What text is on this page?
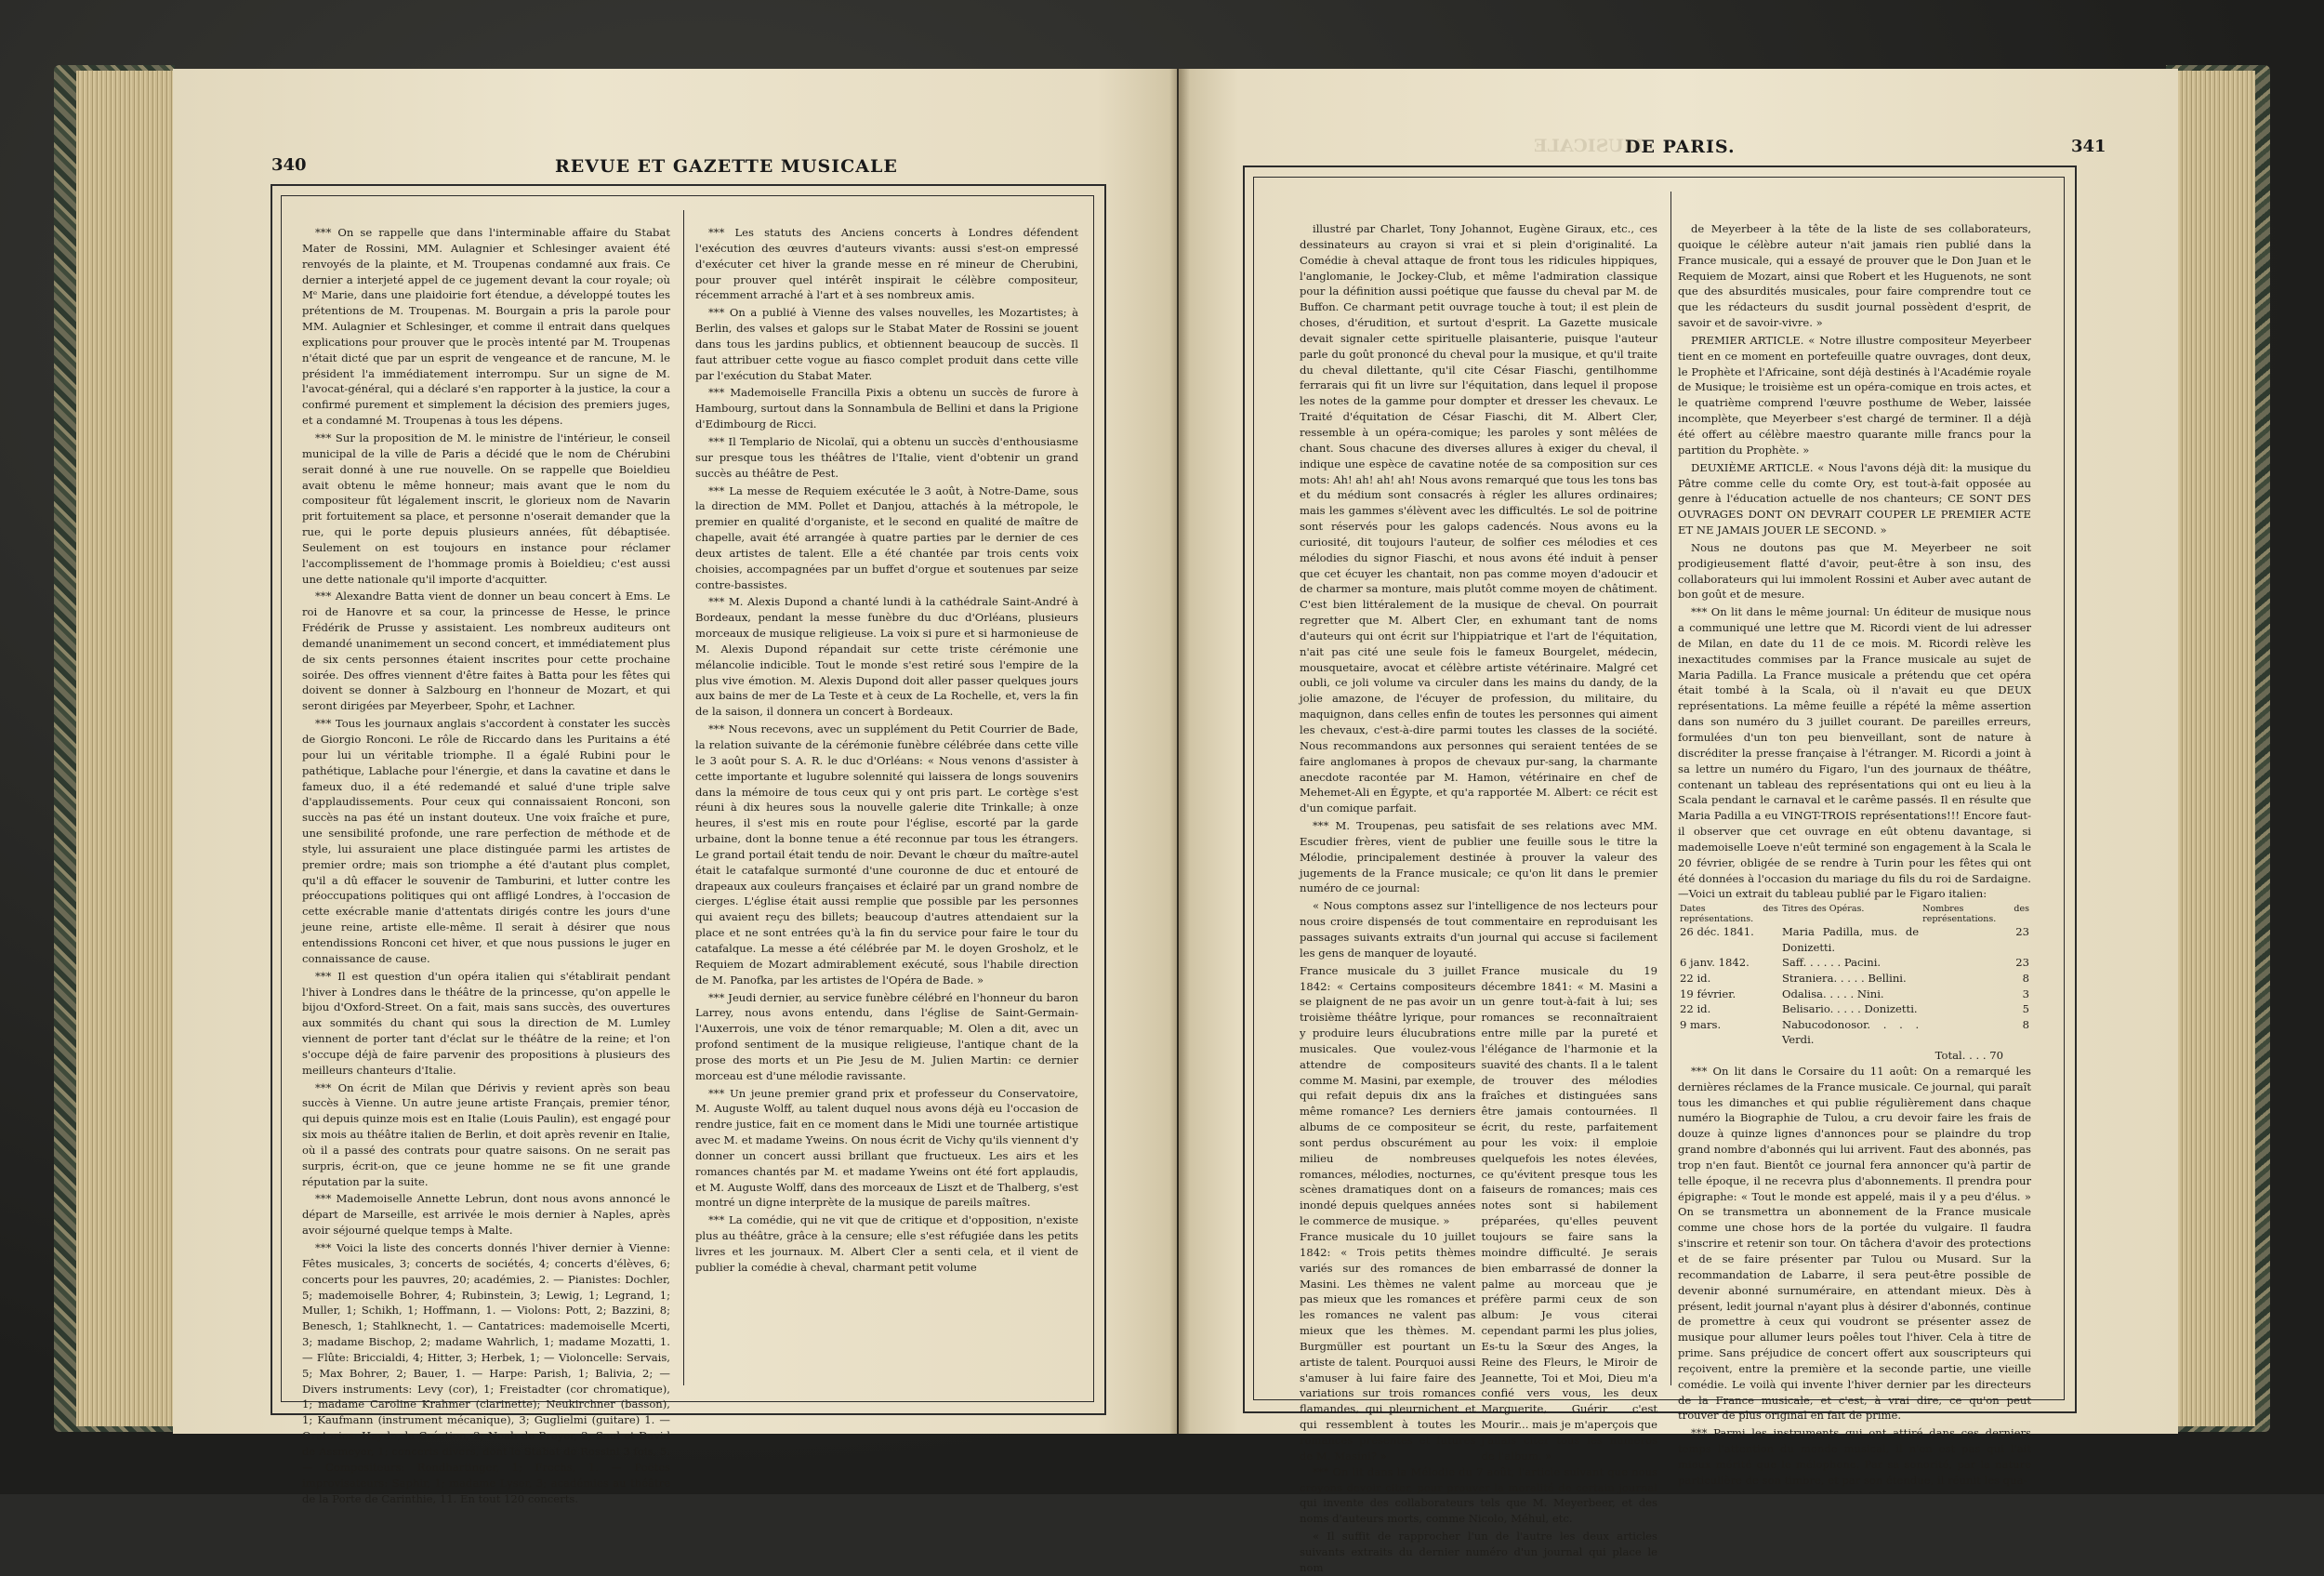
340	REVUE ET GAZETTE MUSICALE

*** On se rappelle que dans l'interminable affaire du Stabat Mater de Rossini, MM. Aulagnier et Schlesinger avaient été renvoyés de la plainte, et M. Troupenas condamné aux frais. Ce dernier a interjeté appel de ce jugement devant la cour royale; où Mᵉ Marie, dans une plaidoirie fort étendue, a développé toutes les prétentions de M. Troupenas. M. Bourgain a pris la parole pour MM. Aulagnier et Schlesinger, et comme il entrait dans quelques explications pour prouver que le procès intenté par M. Troupenas n'était dicté que par un esprit de vengeance et de rancune, M. le président l'a immédiatement interrompu. Sur un signe de M. l'avocat-général, qui a déclaré s'en rapporter à la justice, la cour a confirmé purement et simplement la décision des premiers juges, et a condamné M. Troupenas à tous les dépens.

*** Sur la proposition de M. le ministre de l'intérieur, le conseil municipal de la ville de Paris a décidé que le nom de Chérubini serait donné à une rue nouvelle. On se rappelle que Boieldieu avait obtenu le même honneur; mais avant que le nom du compositeur fût légalement inscrit, le glorieux nom de Navarin prit fortuitement sa place, et personne n'oserait demander que la rue, qui le porte depuis plusieurs années, fût débaptisée. Seulement on est toujours en instance pour réclamer l'accomplissement de l'hommage promis à Boieldieu; c'est aussi une dette nationale qu'il importe d'acquitter.

*** Alexandre Batta vient de donner un beau concert à Ems. Le roi de Hanovre et sa cour, la princesse de Hesse, le prince Frédérik de Prusse y assistaient. Les nombreux auditeurs ont demandé unanimement un second concert, et immédiatement plus de six cents personnes étaient inscrites pour cette prochaine soirée. Des offres viennent d'être faites à Batta pour les fêtes qui doivent se donner à Salzbourg en l'honneur de Mozart, et qui seront dirigées par Meyerbeer, Spohr, et Lachner.

*** Tous les journaux anglais s'accordent à constater les succès de Giorgio Ronconi. Le rôle de Riccardo dans les Puritains a été pour lui un véritable triomphe. Il a égalé Rubini pour le pathétique, Lablache pour l'énergie, et dans la cavatine et dans le fameux duo, il a été redemandé et salué d'une triple salve d'applaudissements. Pour ceux qui connaissaient Ronconi, son succès na pas été un instant douteux. Une voix fraîche et pure, une sensibilité profonde, une rare perfection de méthode et de style, lui assuraient une place distinguée parmi les artistes de premier ordre; mais son triomphe a été d'autant plus complet, qu'il a dû effacer le souvenir de Tamburini, et lutter contre les préoccupations politiques qui ont affligé Londres, à l'occasion de cette exécrable manie d'attentats dirigés contre les jours d'une jeune reine, artiste elle-même. Il serait à désirer que nous entendissions Ronconi cet hiver, et que nous pussions le juger en connaissance de cause.

*** Il est question d'un opéra italien qui s'établirait pendant l'hiver à Londres dans le théâtre de la princesse, qu'on appelle le bijou d'Oxford-Street. On a fait, mais sans succès, des ouvertures aux sommités du chant qui sous la direction de M. Lumley viennent de porter tant d'éclat sur le théâtre de la reine; et l'on s'occupe déjà de faire parvenir des propositions à plusieurs des meilleurs chanteurs d'Italie.

*** On écrit de Milan que Dérivis y revient après son beau succès à Vienne. Un autre jeune artiste Français, premier ténor, qui depuis quinze mois est en Italie (Louis Paulin), est engagé pour six mois au théâtre italien de Berlin, et doit après revenir en Italie, où il a passé des contrats pour quatre saisons. On ne serait pas surpris, écrit-on, que ce jeune homme ne se fit une grande réputation par la suite.

*** Mademoiselle Annette Lebrun, dont nous avons annoncé le départ de Marseille, est arrivée le mois dernier à Naples, après avoir séjourné quelque temps à Malte.

*** Voici la liste des concerts donnés l'hiver dernier à Vienne: Fêtes musicales, 3; concerts de sociétés, 4; concerts d'élèves, 6; concerts pour les pauvres, 20; académies, 2. — Pianistes: Dochler, 5; mademoiselle Bohrer, 4; Rubinstein, 3; Lewig, 1; Legrand, 1; Muller, 1; Schikh, 1; Hoffmann, 1. — Violons: Pott, 2; Bazzini, 8; Benesch, 1; Stahlknecht, 1. — Cantatrices: mademoiselle Mcerti, 3; madame Bischop, 2; madame Wahrlich, 1; madame Mozatti, 1. — Flûte: Briccialdi, 4; Hitter, 3; Herbek, 1; — Violoncelle: Servais, 5; Max Bohrer, 2; Bauer, 1. — Harpe: Parish, 1; Balivia, 2; — Divers instruments: Levy (cor), 1; Freistadter (cor chromatique), 1; madame Caroline Krahmer (clarinette); Neukirchner (basson), 1; Kaufmann (instrument mécanique), 3; Guglielmi (guitare) 1. — Oratorios: Haydn, la Création, 2; Noah de Preyer, 2; Saul et David de Assmeyer, 1; concerts divers, dont le Stabat de Rossini 3 fois, 5. — Compositeurs: Rondhartinger, 1; Frechs, 1. — Poëtes improvisateurs: Saphir, 1; madame Lyser, 3; académies au théâtre de la Porte de Carinthie, 11. En tout 120 concerts.

*** Les statuts des Anciens concerts à Londres défendent l'exécution des œuvres d'auteurs vivants: aussi s'est-on empressé d'exécuter cet hiver la grande messe en ré mineur de Cherubini, pour prouver quel intérêt inspirait le célèbre compositeur, récemment arraché à l'art et à ses nombreux amis.

*** On a publié à Vienne des valses nouvelles, les Mozartistes; à Berlin, des valses et galops sur le Stabat Mater de Rossini se jouent dans tous les jardins publics, et obtiennent beaucoup de succès. Il faut attribuer cette vogue au fiasco complet produit dans cette ville par l'exécution du Stabat Mater.

*** Mademoiselle Francilla Pixis a obtenu un succès de furore à Hambourg, surtout dans la Sonnambula de Bellini et dans la Prigione d'Edimbourg de Ricci.

*** Il Templario de Nicolaï, qui a obtenu un succès d'enthousiasme sur presque tous les théâtres de l'Italie, vient d'obtenir un grand succès au théâtre de Pest.

*** La messe de Requiem exécutée le 3 août, à Notre-Dame, sous la direction de MM. Pollet et Danjou, attachés à la métropole, le premier en qualité d'organiste, et le second en qualité de maître de chapelle, avait été arrangée à quatre parties par le dernier de ces deux artistes de talent. Elle a été chantée par trois cents voix choisies, accompagnées par un buffet d'orgue et soutenues par seize contre-bassistes.

*** M. Alexis Dupond a chanté lundi à la cathédrale Saint-André à Bordeaux, pendant la messe funèbre du duc d'Orléans, plusieurs morceaux de musique religieuse. La voix si pure et si harmonieuse de M. Alexis Dupond répandait sur cette triste cérémonie une mélancolie indicible. Tout le monde s'est retiré sous l'empire de la plus vive émotion. M. Alexis Dupond doit aller passer quelques jours aux bains de mer de La Teste et à ceux de La Rochelle, et, vers la fin de la saison, il donnera un concert à Bordeaux.

*** Nous recevons, avec un supplément du Petit Courrier de Bade, la relation suivante de la cérémonie funèbre célébrée dans cette ville le 3 août pour S. A. R. le duc d'Orléans: « Nous venons d'assister à cette importante et lugubre solennité qui laissera de longs souvenirs dans la mémoire de tous ceux qui y ont pris part. Le cortège s'est réuni à dix heures sous la nouvelle galerie dite Trinkalle; à onze heures, il s'est mis en route pour l'église, escorté par la garde urbaine, dont la bonne tenue a été reconnue par tous les étrangers. Le grand portail était tendu de noir. Devant le chœur du maître-autel était le catafalque surmonté d'une couronne de duc et entouré de drapeaux aux couleurs françaises et éclairé par un grand nombre de cierges. L'église était aussi remplie que possible par les personnes qui avaient reçu des billets; beaucoup d'autres attendaient sur la place et ne sont entrées qu'à la fin du service pour faire le tour du catafalque. La messe a été célébrée par M. le doyen Grosholz, et le Requiem de Mozart admirablement exécuté, sous l'habile direction de M. Panofka, par les artistes de l'Opéra de Bade. »

*** Jeudi dernier, au service funèbre célébré en l'honneur du baron Larrey, nous avons entendu, dans l'église de Saint-Germain-l'Auxerrois, une voix de ténor remarquable; M. Olen a dit, avec un profond sentiment de la musique religieuse, l'antique chant de la prose des morts et un Pie Jesu de M. Julien Martin: ce dernier morceau est d'une mélodie ravissante.

*** Un jeune premier grand prix et professeur du Conservatoire, M. Auguste Wolff, au talent duquel nous avons déjà eu l'occasion de rendre justice, fait en ce moment dans le Midi une tournée artistique avec M. et madame Yweins. On nous écrit de Vichy qu'ils viennent d'y donner un concert aussi brillant que fructueux. Les airs et les romances chantés par M. et madame Yweins ont été fort applaudis, et M. Auguste Wolff, dans des morceaux de Liszt et de Thalberg, s'est montré un digne interprète de la musique de pareils maîtres.

*** La comédie, qui ne vit que de critique et d'opposition, n'existe plus au théâtre, grâce à la censure; elle s'est réfugiée dans les petits livres et les journaux. M. Albert Cler a senti cela, et il vient de publier la comédie à cheval, charmant petit volume

DE PARIS.	341
MUSICALE

illustré par Charlet, Tony Johannot, Eugène Giraux, etc., ces dessinateurs au crayon si vrai et si plein d'originalité. La Comédie à cheval attaque de front tous les ridicules hippiques, l'anglomanie, le Jockey-Club, et même l'admiration classique pour la définition aussi poétique que fausse du cheval par M. de Buffon. Ce charmant petit ouvrage touche à tout; il est plein de choses, d'érudition, et surtout d'esprit. La Gazette musicale devait signaler cette spirituelle plaisanterie, puisque l'auteur parle du goût prononcé du cheval pour la musique, et qu'il traite du cheval dilettante, qu'il cite César Fiaschi, gentilhomme ferrarais qui fit un livre sur l'équitation, dans lequel il propose les notes de la gamme pour dompter et dresser les chevaux. Le Traité d'équitation de César Fiaschi, dit M. Albert Cler, ressemble à un opéra-comique; les paroles y sont mêlées de chant. Sous chacune des diverses allures à exiger du cheval, il indique une espèce de cavatine notée de sa composition sur ces mots: Ah! ah! ah! ah! Nous avons remarqué que tous les tons bas et du médium sont consacrés à régler les allures ordinaires; mais les gammes s'élèvent avec les difficultés. Le sol de poitrine sont réservés pour les galops cadencés. Nous avons eu la curiosité, dit toujours l'auteur, de solfier ces mélodies et ces mélodies du signor Fiaschi, et nous avons été induit à penser que cet écuyer les chantait, non pas comme moyen d'adoucir et de charmer sa monture, mais plutôt comme moyen de châtiment. C'est bien littéralement de la musique de cheval. On pourrait regretter que M. Albert Cler, en exhumant tant de noms d'auteurs qui ont écrit sur l'hippiatrique et l'art de l'équitation, n'ait pas cité une seule fois le fameux Bourgelet, médecin, mousquetaire, avocat et célèbre artiste vétérinaire. Malgré cet oubli, ce joli volume va circuler dans les mains du dandy, de la jolie amazone, de l'écuyer de profession, du militaire, du maquignon, dans celles enfin de toutes les personnes qui aiment les chevaux, c'est-à-dire parmi toutes les classes de la société. Nous recommandons aux personnes qui seraient tentées de se faire anglomanes à propos de chevaux pur-sang, la charmante anecdote racontée par M. Hamon, vétérinaire en chef de Mehemet-Ali en Égypte, et qu'a rapportée M. Albert: ce récit est d'un comique parfait.

*** M. Troupenas, peu satisfait de ses relations avec MM. Escudier frères, vient de publier une feuille sous le titre la Mélodie, principalement destinée à prouver la valeur des jugements de la France musicale; ce qu'on lit dans le premier numéro de ce journal:

« Nous comptons assez sur l'intelligence de nos lecteurs pour nous croire dispensés de tout commentaire en reproduisant les passages suivants extraits d'un journal qui accuse si facilement les gens de manquer de loyauté.

France musicale du 3 juillet 1842: « Certains compositeurs se plaignent de ne pas avoir un troisième théâtre lyrique, pour y produire leurs élucubrations musicales. Que voulez-vous attendre de compositeurs comme M. Masini, par exemple, qui refait depuis dix ans la même romance? Les derniers albums de ce compositeur se sont perdus obscurément au milieu de nombreuses romances, mélodies, nocturnes, scènes dramatiques dont on a inondé depuis quelques années le commerce de musique. »
France musicale du 10 juillet 1842: « Trois petits thèmes variés sur des romances de Masini. Les thèmes ne valent pas mieux que les romances et les romances ne valent pas mieux que les thèmes. M. Burgmüller est pourtant un artiste de talent. Pourquoi aussi s'amuser à lui faire faire des variations sur trois romances flamandes, qui pleurnichent et qui ressemblent à toutes les romances présentes et futures de M. Masini? »
France musicale du 19 décembre 1841: « M. Masini a un genre tout-à-fait à lui; ses romances se reconnaîtraient entre mille par la pureté et l'élégance de l'harmonie et la suavité des chants. Il a le talent de trouver des mélodies fraîches et distinguées sans être jamais contournées. Il écrit, du reste, parfaitement pour les voix: il emploie quelquefois les notes élevées, ce qu'évitent presque tous les faiseurs de romances; mais ces notes sont si habilement préparées, qu'elles peuvent toujours se faire sans la moindre difficulté. Je serais bien embarrassé de donner la palme au morceau que je préfère parmi ceux de son album: Je vous citerai cependant parmi les plus jolies, Es-tu la Sœur des Anges, la Reine des Fleurs, le Miroir de Jeannette, Toi et Moi, Dieu m'a confié vers vous, les deux Marguerite, Guérir c'est Mourir... mais je m'aperçois que j'allais citer tous les numéros de l'album. »

*** On lit dans la Mélodie du 7 août, l'article suivant que nous croyons devoir citer, pour prouver la moralité de certain journal qui invente des collaborateurs tels que M. Meyerbeer, et des noms d'auteurs morts, comme Nicolo, Méhul, etc.

« Il suffit de rapprocher l'un de l'autre les deux articles suivants extraits du dernier numéro d'un journal qui place le nom

de Meyerbeer à la tête de la liste de ses collaborateurs, quoique le célèbre auteur n'ait jamais rien publié dans la France musicale, qui a essayé de prouver que le Don Juan et le Requiem de Mozart, ainsi que Robert et les Huguenots, ne sont que des absurdités musicales, pour faire comprendre tout ce que les rédacteurs du susdit journal possèdent d'esprit, de savoir et de savoir-vivre. »

PREMIER ARTICLE. « Notre illustre compositeur Meyerbeer tient en ce moment en portefeuille quatre ouvrages, dont deux, le Prophète et l'Africaine, sont déjà destinés à l'Académie royale de Musique; le troisième est un opéra-comique en trois actes, et le quatrième comprend l'œuvre posthume de Weber, laissée incomplète, que Meyerbeer s'est chargé de terminer. Il a déjà été offert au célèbre maestro quarante mille francs pour la partition du Prophète. »

DEUXIÈME ARTICLE. « Nous l'avons déjà dit: la musique du Pâtre comme celle du comte Ory, est tout-à-fait opposée au genre à l'éducation actuelle de nos chanteurs; CE SONT DES OUVRAGES DONT ON DEVRAIT COUPER LE PREMIER ACTE ET NE JAMAIS JOUER LE SECOND. »

Nous ne doutons pas que M. Meyerbeer ne soit prodigieusement flatté d'avoir, peut-être à son insu, des collaborateurs qui lui immolent Rossini et Auber avec autant de bon goût et de mesure.

*** On lit dans le même journal: Un éditeur de musique nous a communiqué une lettre que M. Ricordi vient de lui adresser de Milan, en date du 11 de ce mois. M. Ricordi relève les inexactitudes commises par la France musicale au sujet de Maria Padilla. La France musicale a prétendu que cet opéra était tombé à la Scala, où il n'avait eu que DEUX représentations. La même feuille a répété la même assertion dans son numéro du 3 juillet courant. De pareilles erreurs, formulées d'un ton peu bienveillant, sont de nature à discréditer la presse française à l'étranger. M. Ricordi a joint à sa lettre un numéro du Figaro, l'un des journaux de théâtre, contenant un tableau des représentations qui ont eu lieu à la Scala pendant le carnaval et le carême passés. Il en résulte que Maria Padilla a eu VINGT-TROIS représentations!!! Encore faut-il observer que cet ouvrage en eût obtenu davantage, si mademoiselle Loeve n'eût terminé son engagement à la Scala le 20 février, obligée de se rendre à Turin pour les fêtes qui ont été données à l'occasion du mariage du fils du roi de Sardaigne.—Voici un extrait du tableau publié par le Figaro italien:

Dates des représentations.	Titres des Opéras.	Nombres des représentations.
26 déc. 1841.	Maria Padilla, mus. de Donizetti.	23
6 janv. 1842.	Saff. . . . . . Pacini.	23
22 id.	Straniera. . . . . Bellini.	8
19 février.	Odalisa. . . . . Nini.	3
22 id.	Belisario. . . . . Donizetti.	5
9 mars.	Nabucodonosor. . . . Verdi.	8
Total. . . . 70

*** On lit dans le Corsaire du 11 août: On a remarqué les dernières réclames de la France musicale. Ce journal, qui paraît tous les dimanches et qui publie régulièrement dans chaque numéro la Biographie de Tulou, a cru devoir faire les frais de douze à quinze lignes d'annonces pour se plaindre du trop grand nombre d'abonnés qui lui arrivent. Faut des abonnés, pas trop n'en faut. Bientôt ce journal fera annoncer qu'à partir de telle époque, il ne recevra plus d'abonnements. Il prendra pour épigraphe: « Tout le monde est appelé, mais il y a peu d'élus. » On se transmettra un abonnement de la France musicale comme une chose hors de la portée du vulgaire. Il faudra s'inscrire et retenir son tour. On tâchera d'avoir des protections et de se faire présenter par Tulou ou Musard. Sur la recommandation de Labarre, il sera peut-être possible de devenir abonné surnuméraire, en attendant mieux. Dès à présent, ledit journal n'ayant plus à désirer d'abonnés, continue de promettre à ceux qui voudront se présenter assez de musique pour allumer leurs poêles tout l'hiver. Cela à titre de prime. Sans préjudice de concert offert aux souscripteurs qui reçoivent, entre la première et la seconde partie, une vieille comédie. Le voilà qui invente l'hiver dernier par les directeurs de la France musicale, et c'est, à vrai dire, ce qu'on peut trouver de plus original en fait de prime.

*** Parmi les instruments qui ont attiré dans ces derniers temps l'attention du monde musical, il n'en est pas qui l'ait mieux mérité que le mélophone. Par sa sonorité, par la nature particulière de son timbre, et par son étendue, il réunit les qua-
